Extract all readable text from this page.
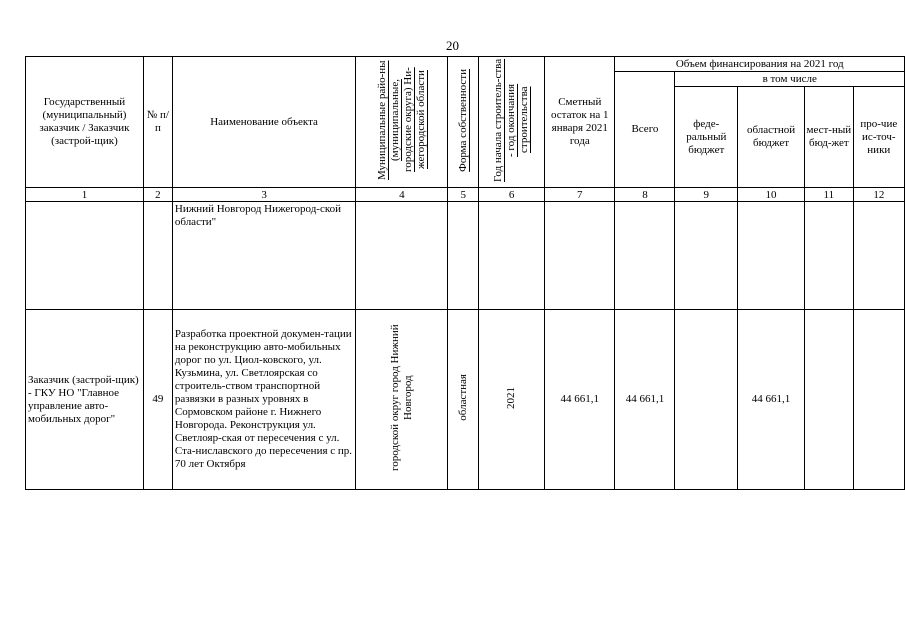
20
Государственный (муниципальный) заказчик / Заказчик (застрой-щик)	№ п/п	Наименование объекта	Муниципальные райо-ны (муниципальные, городские округа) Ни-жегородской области	Форма собственности	Год начала строитель-ства - год окончания строительства	Сметный остаток на 1 января 2021 года	Объем финансирования на 2021 год				
							Всего	в том числе			
								феде-ральный бюджет	областной бюджет	мест-ный бюд-жет	про-чие ис-точ-ники
1	2	3	4	5	6	7	8	9	10	11	12
		Нижний Новгород Нижегород-ской области"									
Заказчик (застрой-щик) - ГКУ НО "Главное управление авто-мобильных дорог"	49	Разработка проектной докумен-тации на реконструкцию авто-мобильных дорог по ул. Циол-ковского, ул. Кузьмина, ул. Светлоярская со строитель-ством транспортной развязки в разных уровнях в Сормовском районе г. Нижнего Новгорода. Реконструкция ул. Светлояр-ская от пересечения с ул. Ста-ниславского до пересечения с пр. 70 лет Октября	городской округ город Нижний Новгород	областная	2021	44 661,1	44 661,1		44 661,1		
